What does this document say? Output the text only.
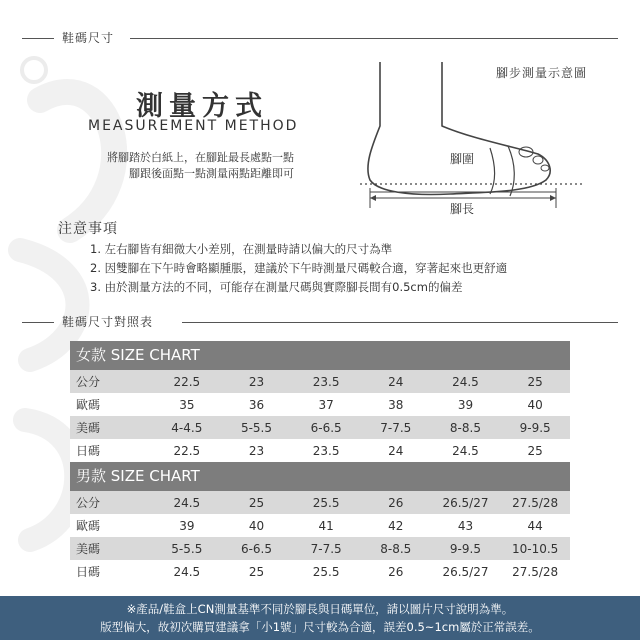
鞋碼尺寸
測量方式
MEASUREMENT METHOD
將腳踏於白紙上，在腳趾最長處點一點
腳跟後面點一點測量兩點距離即可
腳步測量示意圖
腳圍
腳長
注意事項
1. 左右腳皆有細微大小差別，在測量時請以偏大的尺寸為準
2. 因雙腳在下午時會略顯腫脹，建議於下午時測量尺碼較合適，穿著起來也更舒適
3. 由於測量方法的不同，可能存在測量尺碼與實際腳長間有0.5cm的偏差
鞋碼尺寸對照表
女款 SIZE CHART
公分	22.5	23	23.5	24	24.5	25
歐碼	35	36	37	38	39	40
美碼	4-4.5	5-5.5	6-6.5	7-7.5	8-8.5	9-9.5
日碼	22.5	23	23.5	24	24.5	25
男款 SIZE CHART
公分	24.5	25	25.5	26	26.5/27	27.5/28
歐碼	39	40	41	42	43	44
美碼	5-5.5	6-6.5	7-7.5	8-8.5	9-9.5	10-10.5
日碼	24.5	25	25.5	26	26.5/27	27.5/28
※產品/鞋盒上CN測量基準不同於腳長與日碼單位，請以圖片尺寸說明為準。
版型偏大，故初次購買建議拿「小1號」尺寸較為合適，誤差0.5~1cm屬於正常誤差。
